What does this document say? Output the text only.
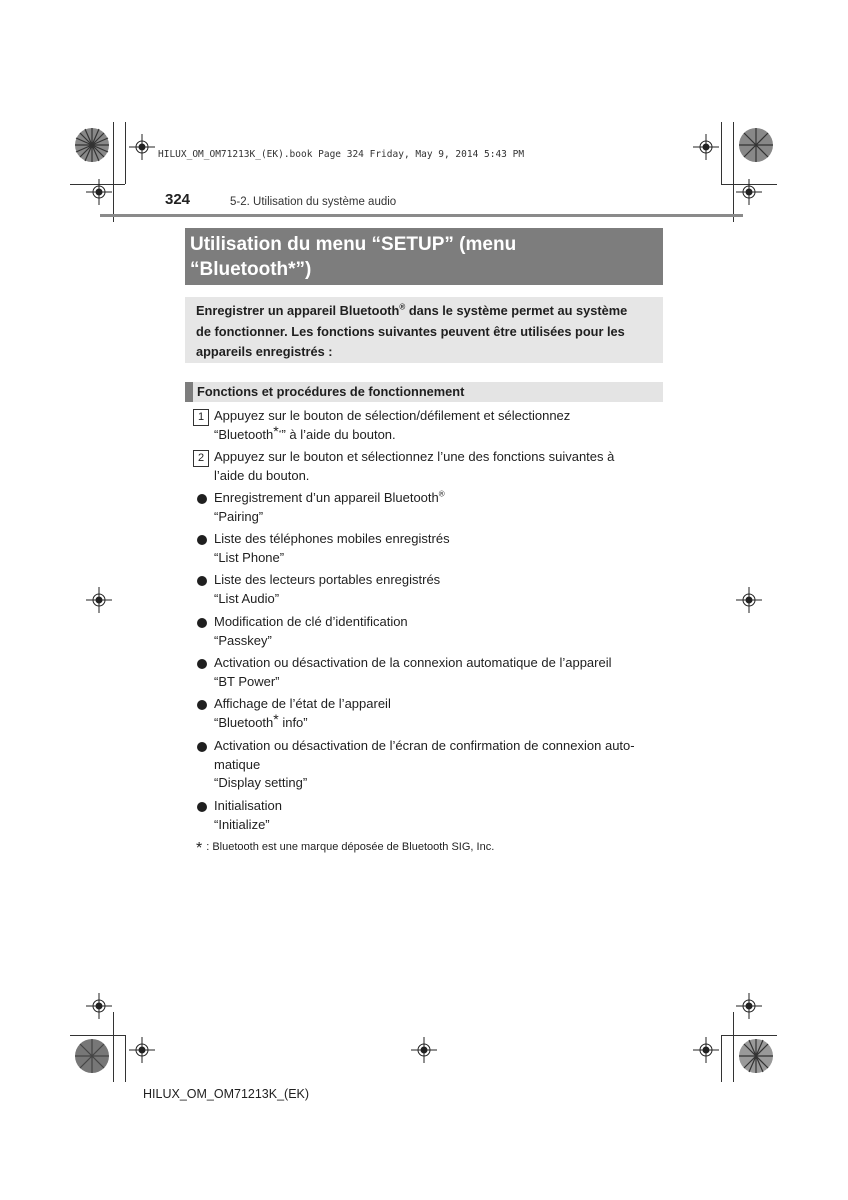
HILUX_OM_OM71213K_(EK).book Page 324 Friday, May 9, 2014 5:43 PM
324	5-2. Utilisation du système audio
Utilisation du menu “SETUP” (menu
“Bluetooth*”)
Enregistrer un appareil Bluetooth® dans le système permet au système
de fonctionner. Les fonctions suivantes peuvent être utilisées pour les
appareils enregistrés :
Fonctions et procédures de fonctionnement
1 Appuyez sur le bouton de sélection/défilement et sélectionnez
“Bluetooth**” à l’aide du bouton.
2 Appuyez sur le bouton et sélectionnez l’une des fonctions suivantes à
l’aide du bouton.
Enregistrement d’un appareil Bluetooth®
“Pairing”
Liste des téléphones mobiles enregistrés
“List Phone”
Liste des lecteurs portables enregistrés
“List Audio”
Modification de clé d’identification
“Passkey”
Activation ou désactivation de la connexion automatique de l’appareil
“BT Power”
Affichage de l’état de l’appareil
“Bluetooth* info”
Activation ou désactivation de l’écran de confirmation de connexion auto-
matique
“Display setting”
Initialisation
“Initialize”
* : Bluetooth est une marque déposée de Bluetooth SIG, Inc.
HILUX_OM_OM71213K_(EK)
